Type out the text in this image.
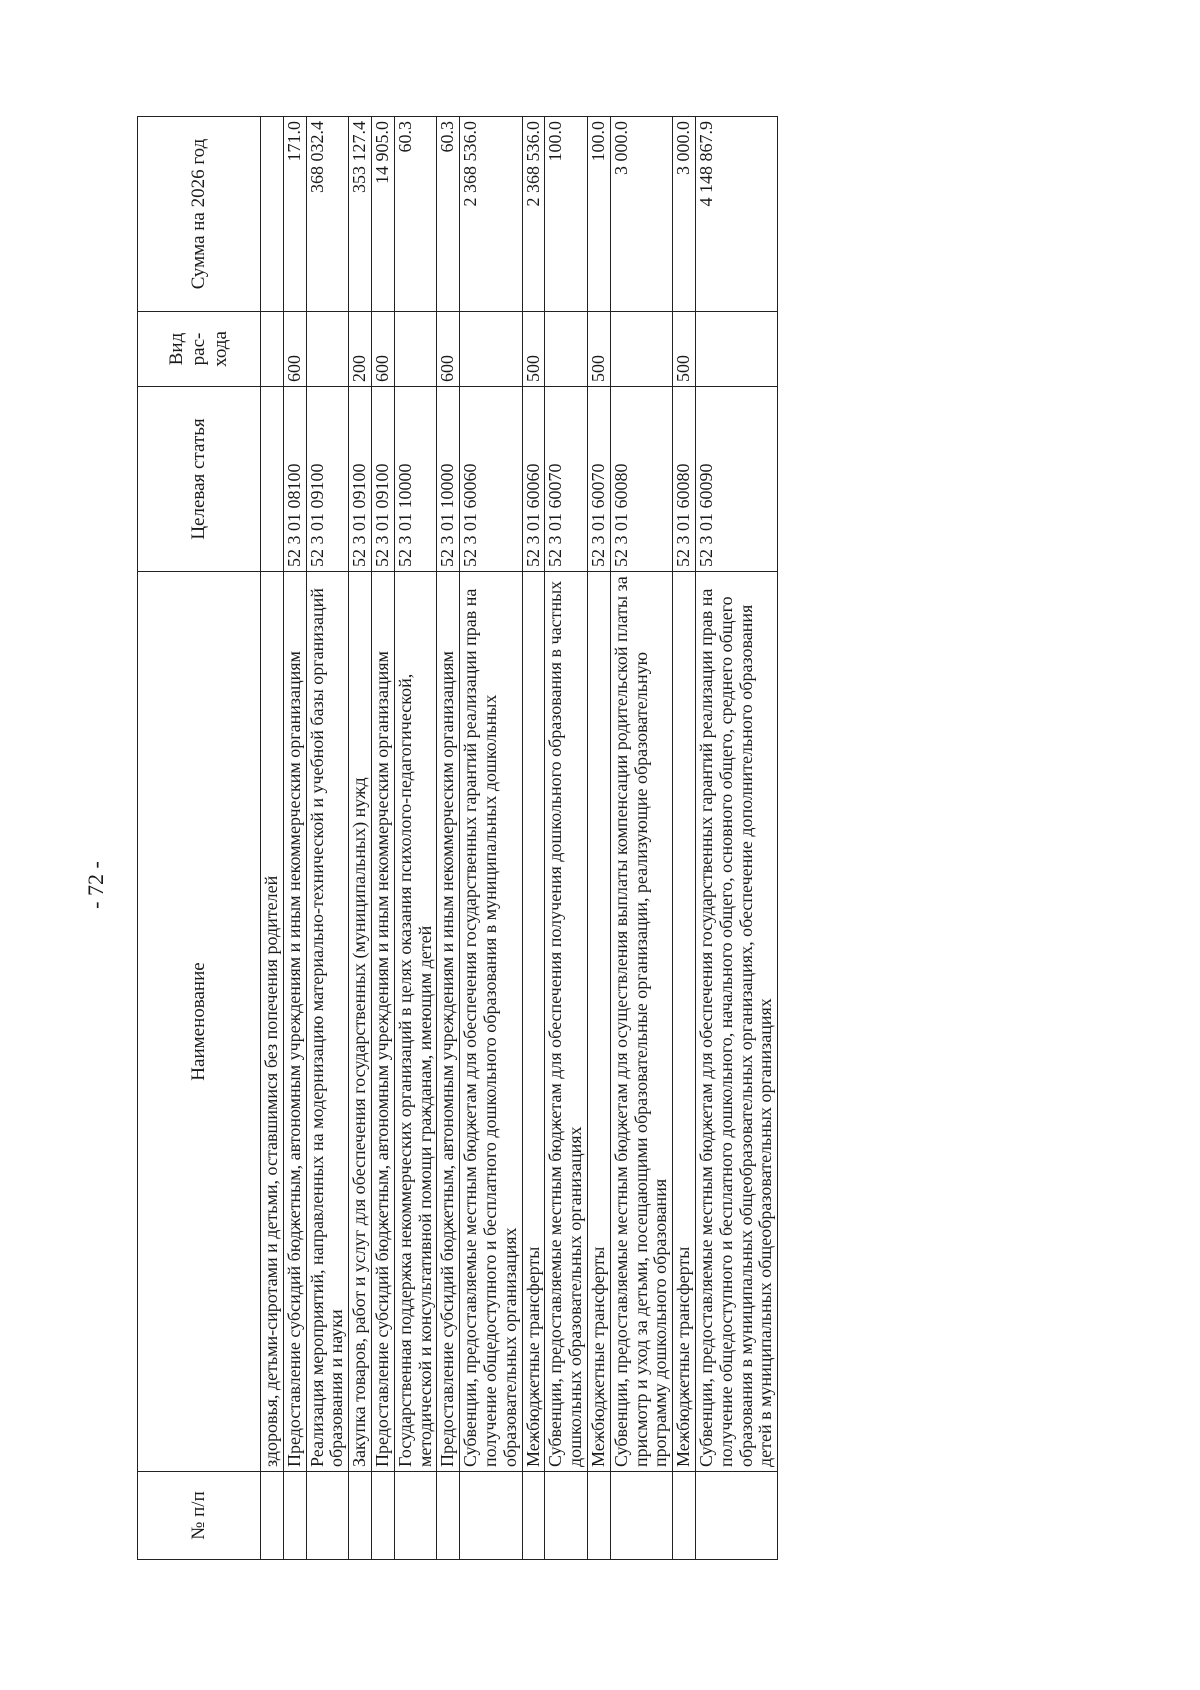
- 72 -
№ п/п	Наименование	Целевая статья	Вид рас-хода	Сумма на 2026 год
	здоровья, детьми-сиротами и детьми, оставшимися без попечения родителей			
	Предоставление субсидий бюджетным, автономным учреждениям и иным некоммерческим организациям	52 3 01 08100	600	171.0
	Реализация мероприятий, направленных на модернизацию материально-технической и учебной базы организаций образования и науки	52 3 01 09100		368 032.4
	Закупка товаров, работ и услуг для обеспечения государственных (муниципальных) нужд	52 3 01 09100	200	353 127.4
	Предоставление субсидий бюджетным, автономным учреждениям и иным некоммерческим организациям	52 3 01 09100	600	14 905.0
	Государственная поддержка некоммерческих организаций в целях оказания психолого-педагогической, методической и консультативной помощи гражданам, имеющим детей	52 3 01 10000		60.3
	Предоставление субсидий бюджетным, автономным учреждениям и иным некоммерческим организациям	52 3 01 10000	600	60.3
	Субвенции, предоставляемые местным бюджетам для обеспечения государственных гарантий реализации прав на получение общедоступного и бесплатного дошкольного образования в муниципальных дошкольных образовательных организациях	52 3 01 60060		2 368 536.0
	Межбюджетные трансферты	52 3 01 60060	500	2 368 536.0
	Субвенции, предоставляемые местным бюджетам для обеспечения получения дошкольного образования в частных дошкольных образовательных организациях	52 3 01 60070		100.0
	Межбюджетные трансферты	52 3 01 60070	500	100.0
	Субвенции, предоставляемые местным бюджетам для осуществления выплаты компенсации родительской платы за присмотр и уход за детьми, посещающими образовательные организации, реализующие образовательную программу дошкольного образования	52 3 01 60080		3 000.0
	Межбюджетные трансферты	52 3 01 60080	500	3 000.0
	Субвенции, предоставляемые местным бюджетам для обеспечения государственных гарантий реализации прав на получение общедоступного и бесплатного дошкольного, начального общего, основного общего, среднего общего образования в муниципальных общеобразовательных организациях, обеспечение дополнительного образования детей в муниципальных общеобразовательных организациях	52 3 01 60090		4 148 867.9
